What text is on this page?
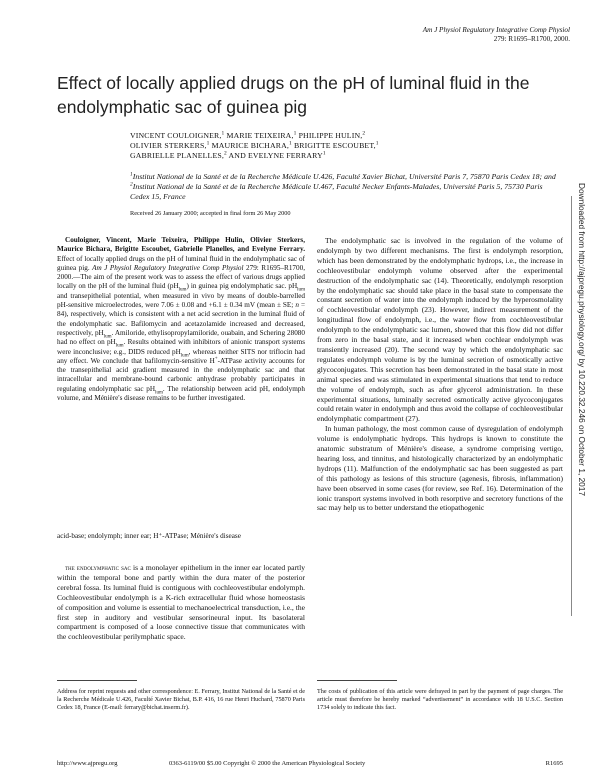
Am J Physiol Regulatory Integrative Comp Physiol
279: R1695–R1700, 2000.
Effect of locally applied drugs on the pH of luminal fluid in the endolymphatic sac of guinea pig
VINCENT COULOIGNER,$^1$ MARIE TEIXEIRA,$^1$ PHILIPPE HULIN,$^2$
OLIVIER STERKERS,$^1$ MAURICE BICHARA,$^1$ BRIGITTE ESCOUBET,$^1$
GABRIELLE PLANELLES,$^2$ AND EVELYNE FERRARY$^1$
$^1$Institut National de la Santé et de la Recherche Médicale U.426, Faculté Xavier Bichat, Université Paris 7, 75870 Paris Cedex 18; and $^2$Institut National de la Santé et de la Recherche Médicale U.467, Faculté Necker Enfants-Malades, Université Paris 5, 75730 Paris Cedex 15, France
Received 26 January 2000; accepted in final form 26 May 2000

Couloigner, Vincent, Marie Teixeira, Philippe Hulin, Olivier Sterkers, Maurice Bichara, Brigitte Escoubet, Gabrielle Planelles, and Evelyne Ferrary. Effect of locally applied drugs on the pH of luminal fluid in the endolymphatic sac of guinea pig. Am J Physiol Regulatory Integrative Comp Physiol 279: R1695–R1700, 2000.—The aim of the present work was to assess the effect of various drugs applied locally on the pH of the luminal fluid $(pH_{lum})$ in guinea pig endolymphatic sac. $pH_{lum}$ and transepithelial potential, when measured in vivo by means of double-barrelled pH-sensitive microelectrodes, were 7.06 ± 0.08 and +6.1 ± 0.34 mV (mean ± SE; n = 84), respectively, which is consistent with a net acid secretion in the luminal fluid of the endolymphatic sac. Bafilomycin and acetazolamide increased and decreased, respectively, $pH_{lum}$. Amiloride, ethylisopropylamiloride, ouabain, and Schering 28080 had no effect on $pH_{lum}$. Results obtained with inhibitors of anionic transport systems were inconclusive; e.g., DIDS reduced $pH_{lum}$, whereas neither SITS nor triflocin had any effect. We conclude that bafilomycin-sensitive H+-ATPase activity accounts for the transepithelial acid gradient measured in the endolymphatic sac and that intracellular and membrane-bound carbonic anhydrase probably participates in regulating endolymphatic sac $pH_{lum}$. The relationship between acid pH, endolymph volume, and Ménière's disease remains to be further investigated.

acid-base; endolymph; inner ear; H⁺-ATPase; Ménière's disease

the endolymphatic sac is a monolayer epithelium in the inner ear located partly within the temporal bone and partly within the dura mater of the posterior cerebral fossa. Its luminal fluid is contiguous with cochleovestibular endolymph. Cochleovestibular endolymph is a K-rich extracellular fluid whose homeostasis of composition and volume is essential to mechanoelectrical transduction, i.e., the first step in auditory and vestibular sensorineural input. Its basolateral compartment is composed of a loose connective tissue that communicates with the cochleovestibular perilymphatic space.

The endolymphatic sac is involved in the regulation of the volume of endolymph by two different mechanisms. The first is endolymph resorption, which has been demonstrated by the endolymphatic hydrops, i.e., the increase in cochleovestibular endolymph volume observed after the experimental destruction of the endolymphatic sac (14). Theoretically, endolymph resorption by the endolymphatic sac should take place in the basal state to compensate the constant secretion of water into the endolymph induced by the hyperosmolality of cochleovestibular endolymph (23). However, indirect measurement of the longitudinal flow of endolymph, i.e., the water flow from cochleovestibular endolymph to the endolymphatic sac lumen, showed that this flow did not differ from zero in the basal state, and it increased when cochlear endolymph was transiently increased (20). The second way by which the endolymphatic sac regulates endolymph volume is by the luminal secretion of osmotically active glycoconjugates. This secretion has been demonstrated in the basal state in most animal species and was stimulated in experimental situations that tend to reduce the volume of endolymph, such as after glycerol administration. In these experimental situations, luminally secreted osmotically active glycoconjugates could retain water in endolymph and thus avoid the collapse of cochleovestibular endolymphatic compartment (27).

In human pathology, the most common cause of dysregulation of endolymph volume is endolymphatic hydrops. This hydrops is known to constitute the anatomic substratum of Ménière's disease, a syndrome comprising vertigo, hearing loss, and tinnitus, and histologically characterized by an endolymphatic hydrops (11). Malfunction of the endolymphatic sac has been suggested as part of this pathology as lesions of this structure (agenesis, fibrosis, inflammation) have been observed in some cases (for review, see Ref. 16). Determination of the ionic transport systems involved in both resorptive and secretory functions of the sac may help us to better understand the etiopathogenic

Address for reprint requests and other correspondence: E. Ferrary, Institut National de la Santé et de la Recherche Médicale U.426, Faculté Xavier Bichat, B.P. 416, 16 rue Henri Huchard, 75870 Paris Cedex 18, France (E-mail: ferrary@bichat.inserm.fr).
The costs of publication of this article were defrayed in part by the payment of page charges. The article must therefore be hereby marked “advertisement” in accordance with 18 U.S.C. Section 1734 solely to indicate this fact.
http://www.ajpregu.org	0363-6119/00 $5.00 Copyright © 2000 the American Physiological Society	R1695
Downloaded from http://ajpregu.physiology.org/ by 10.220.32.246 on October 1, 2017
